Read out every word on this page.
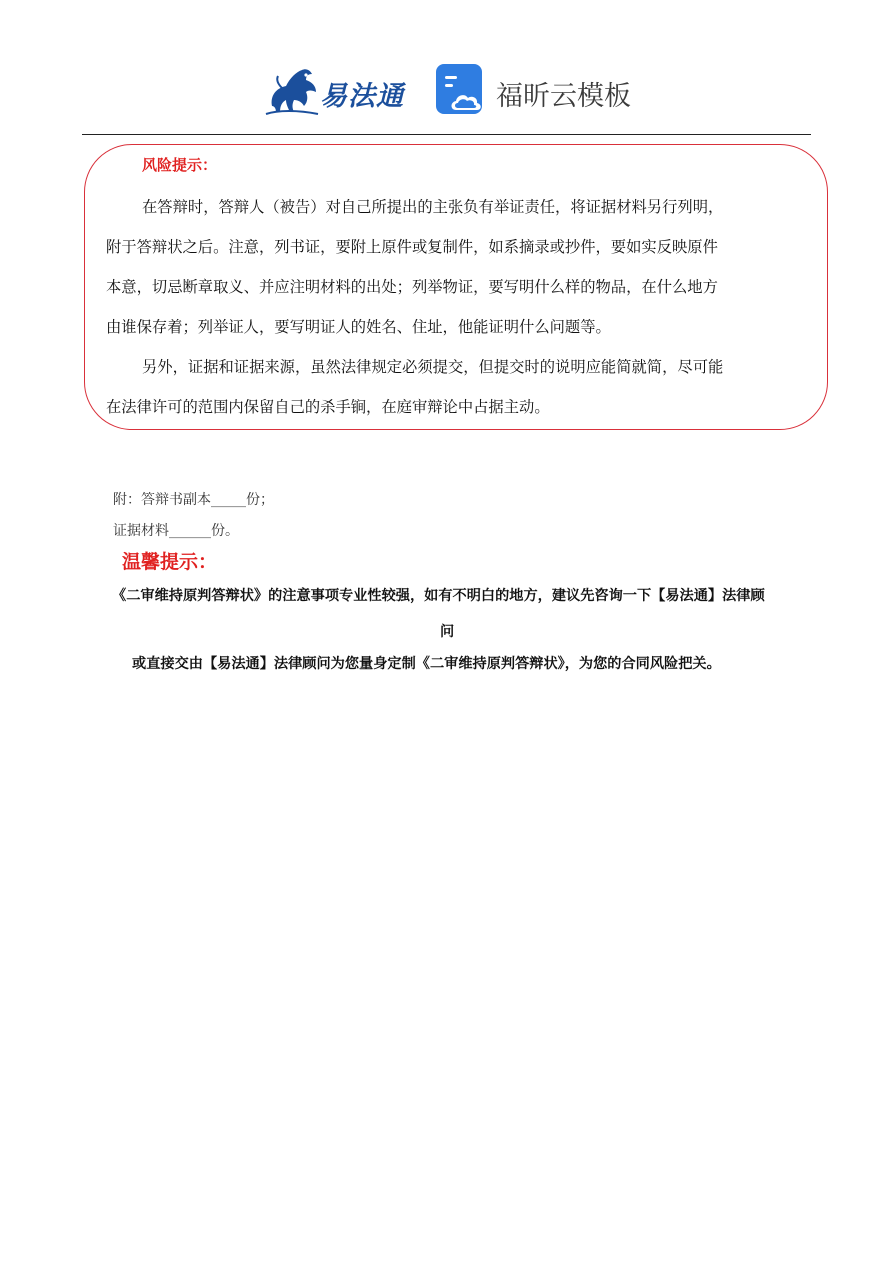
易法通	福昕云模板
风险提示：
在答辩时，答辩人（被告）对自己所提出的主张负有举证责任，将证据材料另行列明，
附于答辩状之后。注意，列书证，要附上原件或复制件，如系摘录或抄件，要如实反映原件
本意，切忌断章取义、并应注明材料的出处；列举物证，要写明什么样的物品，在什么地方
由谁保存着；列举证人，要写明证人的姓名、住址，他能证明什么问题等。
另外，证据和证据来源，虽然法律规定必须提交，但提交时的说明应能简就简，尽可能
在法律许可的范围内保留自己的杀手锏，在庭审辩论中占据主动。
附：答辩书副本_____份；
证据材料______份。
温馨提示：
《二审维持原判答辩状》的注意事项专业性较强，如有不明白的地方，建议先咨询一下【易法通】法律顾
问
或直接交由【易法通】法律顾问为您量身定制《二审维持原判答辩状》，为您的合同风险把关。
